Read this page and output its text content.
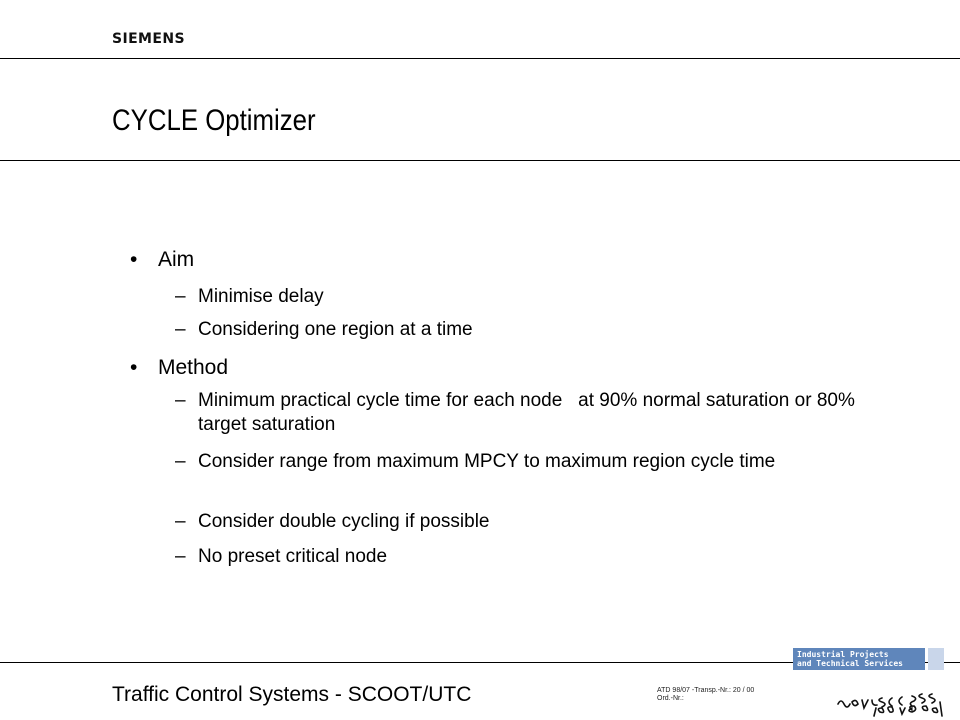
SIEMENS
CYCLE Optimizer
• Aim
– Minimise delay
– Considering one region at a time
• Method
– Minimum practical cycle time for each node   at 90% normal saturation or 80% target saturation
– Consider range from maximum MPCY to maximum region cycle time
– Consider double cycling if possible
– No preset critical node
Traffic Control Systems - SCOOT/UTC	ATD 98/07 -Transp.-Nr.: 20 / 00
Ord.-Nr.:
Industrial Projects
and Technical Services
